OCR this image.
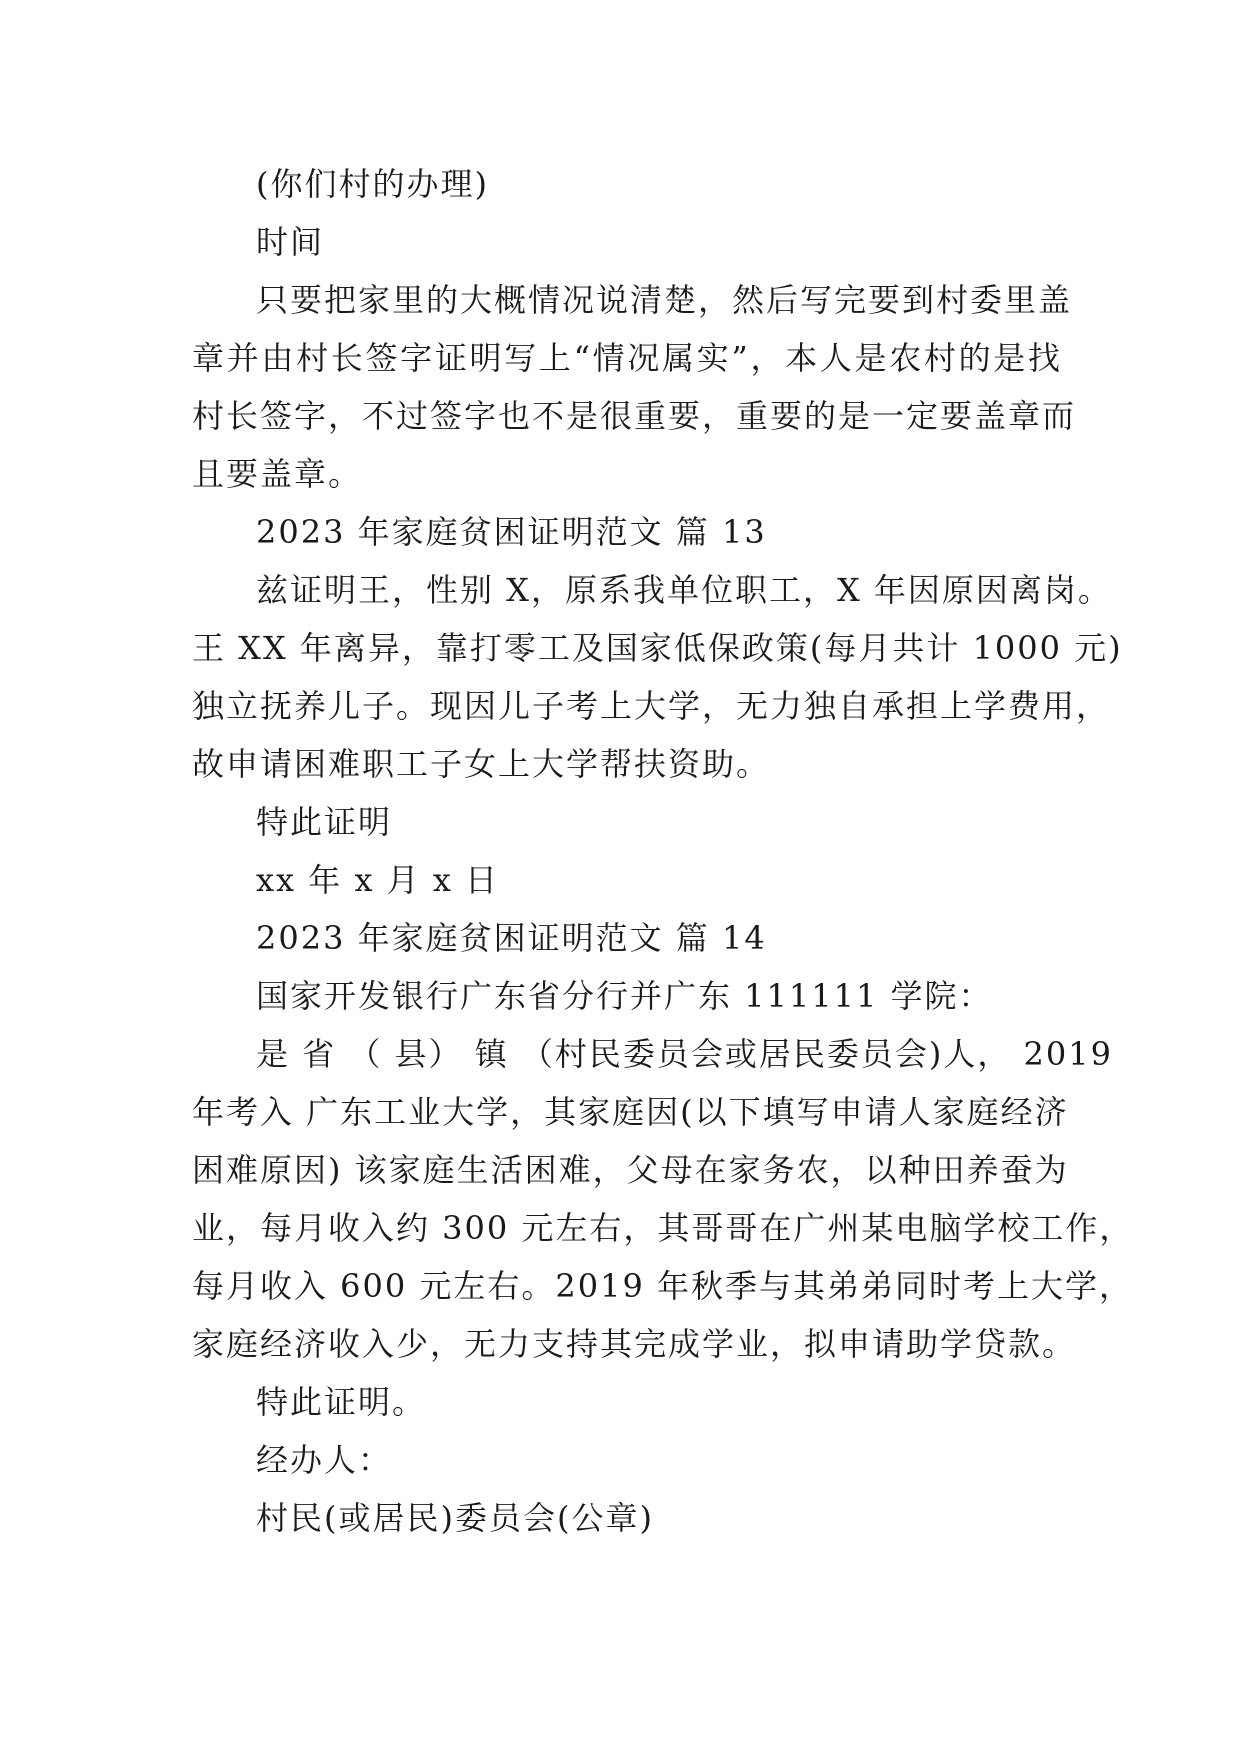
(你们村的办理)
时间
只要把家里的大概情况说清楚，然后写完要到村委里盖
章并由村长签字证明写上“情况属实”，本人是农村的是找
村长签字，不过签字也不是很重要，重要的是一定要盖章而
且要盖章。
2023 年家庭贫困证明范文 篇 13
兹证明王，性别 X，原系我单位职工，X 年因原因离岗。
王 XX 年离异，靠打零工及国家低保政策(每月共计 1000 元)
独立抚养儿子。现因儿子考上大学，无力独自承担上学费用，
故申请困难职工子女上大学帮扶资助。
特此证明
xx 年 x 月 x 日
2023 年家庭贫困证明范文 篇 14
国家开发银行广东省分行并广东 111111 学院：
是 省 （ 县） 镇 （村民委员会或居民委员会)人， 2019
年考入 广东工业大学，其家庭因(以下填写申请人家庭经济
困难原因) 该家庭生活困难，父母在家务农，以种田养蚕为
业，每月收入约 300 元左右，其哥哥在广州某电脑学校工作，
每月收入 600 元左右。2019 年秋季与其弟弟同时考上大学，
家庭经济收入少，无力支持其完成学业，拟申请助学贷款。
特此证明。
经办人：
村民(或居民)委员会(公章)
